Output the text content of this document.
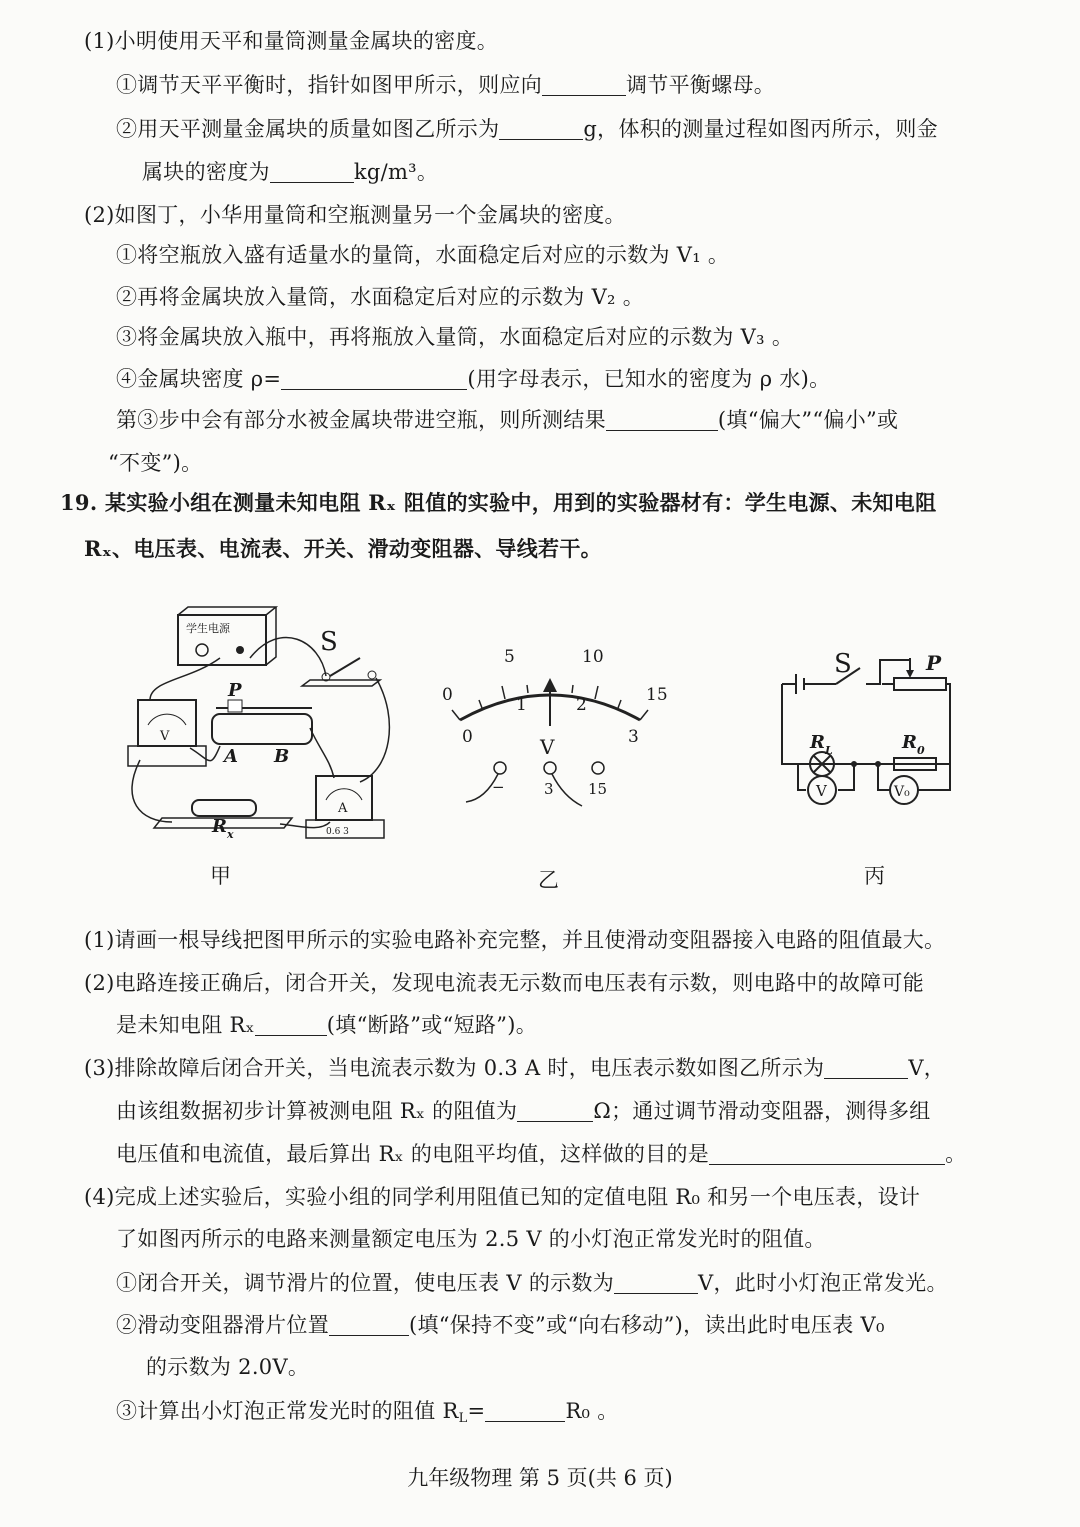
(1)小明使用天平和量筒测量金属块的密度。
①调节天平平衡时，指针如图甲所示，则应向	调节平衡螺母。
②用天平测量金属块的质量如图乙所示为	g，体积的测量过程如图丙所示，则金
属块的密度为	kg/m³。
(2)如图丁，小华用量筒和空瓶测量另一个金属块的密度。
①将空瓶放入盛有适量水的量筒，水面稳定后对应的示数为 V₁ 。
②再将金属块放入量筒，水面稳定后对应的示数为 V₂ 。
③将金属块放入瓶中，再将瓶放入量筒，水面稳定后对应的示数为 V₃ 。
④金属块密度 ρ=	(用字母表示，已知水的密度为 ρ 水)。
第③步中会有部分水被金属块带进空瓶，则所测结果	(填“偏大”“偏小”或
“不变”)。
19. 某实验小组在测量未知电阻 Rₓ 阻值的实验中，用到的实验器材有：学生电源、未知电阻
Rₓ、电压表、电流表、开关、滑动变阻器、导线若干。
学生电源	S
V
P
A B
A
0.6 3
$R_x$
甲
0
5	10
15
0
1	2
3
V
−	3 15
乙
S	P
$R_L$	$R_0$
V	V₀
丙
(1)请画一根导线把图甲所示的实验电路补充完整，并且使滑动变阻器接入电路的阻值最大。
(2)电路连接正确后，闭合开关，发现电流表无示数而电压表有示数，则电路中的故障可能
是未知电阻 Rₓ	(填“断路”或“短路”)。
(3)排除故障后闭合开关，当电流表示数为 0.3 A 时，电压表示数如图乙所示为	V，
由该组数据初步计算被测电阻 Rₓ 的阻值为	Ω；通过调节滑动变阻器，测得多组
电压值和电流值，最后算出 Rₓ 的电阻平均值，这样做的目的是	。
(4)完成上述实验后，实验小组的同学利用阻值已知的定值电阻 R₀ 和另一个电压表，设计
了如图丙所示的电路来测量额定电压为 2.5 V 的小灯泡正常发光时的阻值。
①闭合开关，调节滑片的位置，使电压表 V 的示数为	V，此时小灯泡正常发光。
②滑动变阻器滑片位置	(填“保持不变”或“向右移动”)，读出此时电压表 V₀
的示数为 2.0V。
③计算出小灯泡正常发光时的阻值 RL=	R₀ 。
九年级物理 第 5 页(共 6 页)
